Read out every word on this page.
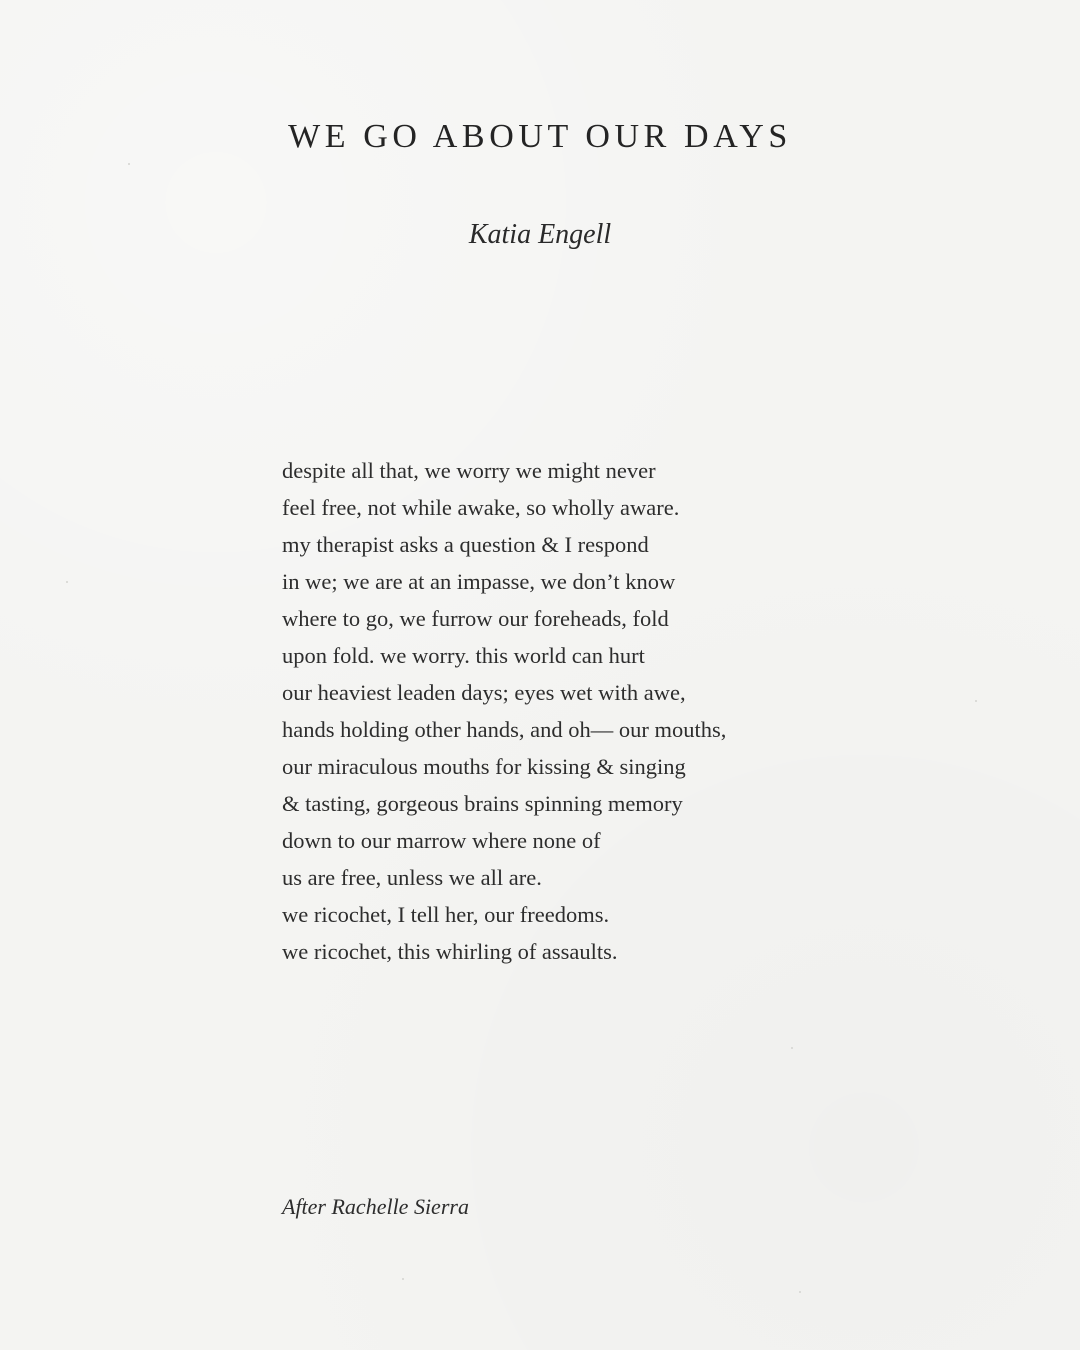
WE GO ABOUT OUR DAYS
Katia Engell
despite all that, we worry we might never
feel free, not while awake, so wholly aware.
my therapist asks a question & I respond
in we; we are at an impasse, we don’t know
where to go, we furrow our foreheads, fold
upon fold. we worry. this world can hurt
our heaviest leaden days; eyes wet with awe,
hands holding other hands, and oh— our mouths,
our miraculous mouths for kissing & singing
& tasting, gorgeous brains spinning memory
down to our marrow where none of
us are free, unless we all are.
we ricochet, I tell her, our freedoms.
we ricochet, this whirling of assaults.
After Rachelle Sierra
